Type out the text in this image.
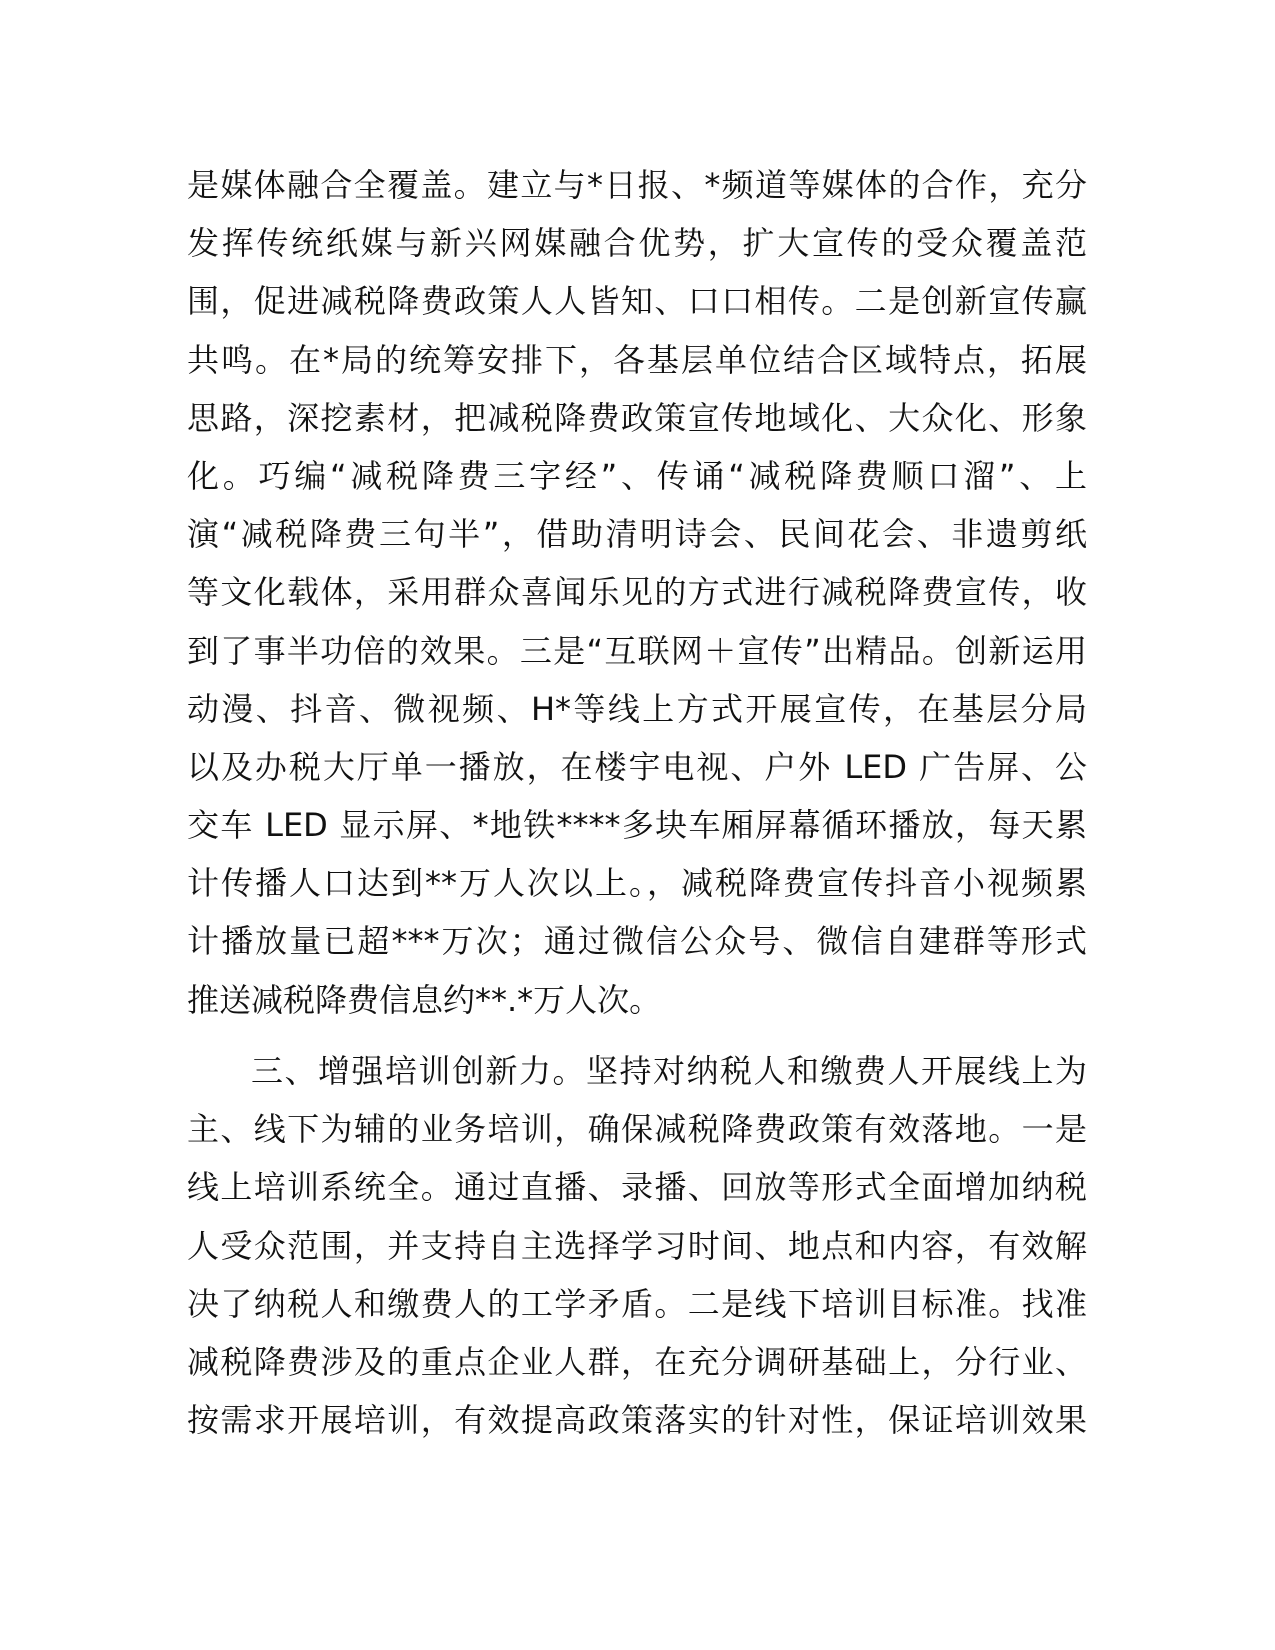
是媒体融合全覆盖。建立与*日报、*频道等媒体的合作，充分
发挥传统纸媒与新兴网媒融合优势，扩大宣传的受众覆盖范
围，促进减税降费政策人人皆知、口口相传。二是创新宣传赢
共鸣。在*局的统筹安排下，各基层单位结合区域特点，拓展
思路，深挖素材，把减税降费政策宣传地域化、大众化、形象
化。巧编“减税降费三字经”、传诵“减税降费顺口溜”、上
演“减税降费三句半”，借助清明诗会、民间花会、非遗剪纸
等文化载体，采用群众喜闻乐见的方式进行减税降费宣传，收
到了事半功倍的效果。三是“互联网＋宣传”出精品。创新运用
动漫、抖音、微视频、H*等线上方式开展宣传，在基层分局
以及办税大厅单一播放，在楼宇电视、户外 LED 广告屏、公
交车 LED 显示屏、*地铁****多块车厢屏幕循环播放，每天累
计传播人口达到**万人次以上。，减税降费宣传抖音小视频累
计播放量已超***万次；通过微信公众号、微信自建群等形式
推送减税降费信息约**.*万人次。
三、增强培训创新力。坚持对纳税人和缴费人开展线上为
主、线下为辅的业务培训，确保减税降费政策有效落地。一是
线上培训系统全。通过直播、录播、回放等形式全面增加纳税
人受众范围，并支持自主选择学习时间、地点和内容，有效解
决了纳税人和缴费人的工学矛盾。二是线下培训目标准。找准
减税降费涉及的重点企业人群，在充分调研基础上，分行业、
按需求开展培训，有效提高政策落实的针对性，保证培训效果
